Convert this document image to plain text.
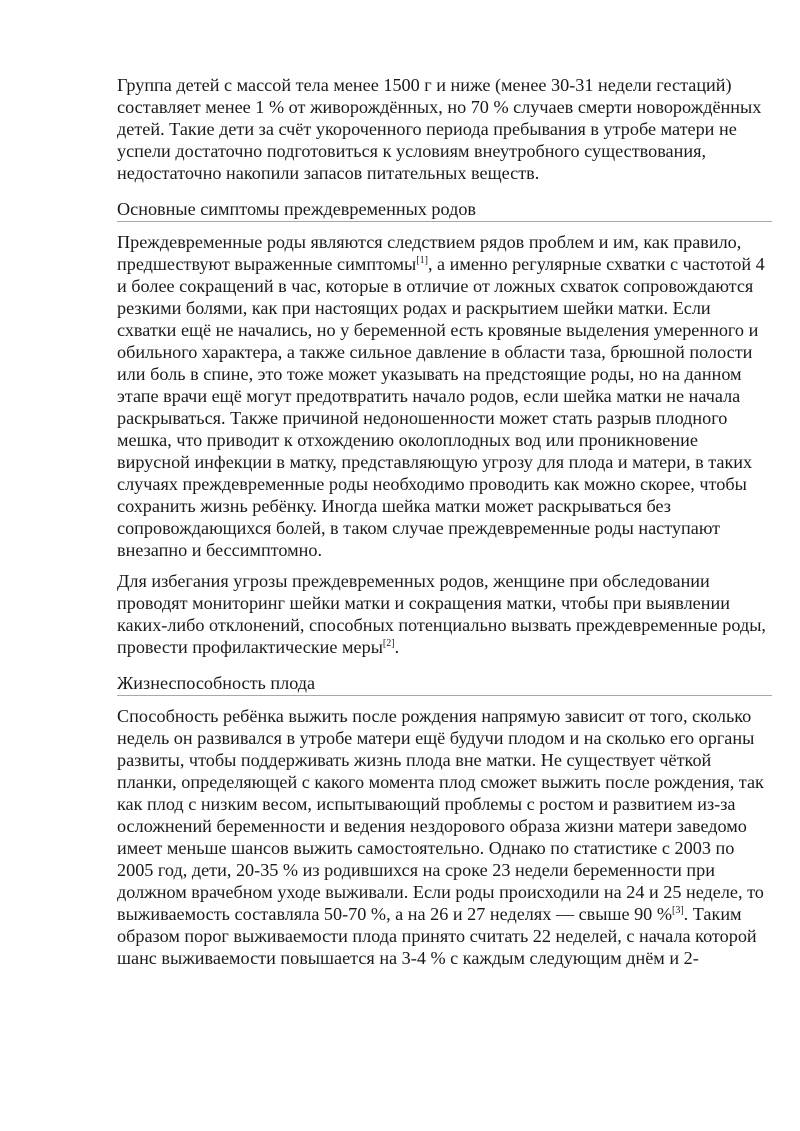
Группа детей с массой тела менее 1500 г и ниже (менее 30-31 недели гестаций) составляет менее 1 % от живорождённых, но 70 % случаев смерти новорождённых детей. Такие дети за счёт укороченного периода пребывания в утробе матери не успели достаточно подготовиться к условиям внеутробного существования, недостаточно накопили запасов питательных веществ.

Основные симптомы преждевременных родов

Преждевременные роды являются следствием рядов проблем и им, как правило, предшествуют выраженные симптомы[1], а именно регулярные схватки с частотой 4 и более сокращений в час, которые в отличие от ложных схваток сопровождаются резкими болями, как при настоящих родах и раскрытием шейки матки. Если схватки ещё не начались, но у беременной есть кровяные выделения умеренного и обильного характера, а также сильное давление в области таза, брюшной полости или боль в спине, это тоже может указывать на предстоящие роды, но на данном этапе врачи ещё могут предотвратить начало родов, если шейка матки не начала раскрываться. Также причиной недоношенности может стать разрыв плодного мешка, что приводит к отхождению околоплодных вод или проникновение вирусной инфекции в матку, представляющую угрозу для плода и матери, в таких случаях преждевременные роды необходимо проводить как можно скорее, чтобы сохранить жизнь ребёнку. Иногда шейка матки может раскрываться без сопровождающихся болей, в таком случае преждевременные роды наступают внезапно и бессимптомно.

Для избегания угрозы преждевременных родов, женщине при обследовании проводят мониторинг шейки матки и сокращения матки, чтобы при выявлении каких-либо отклонений, способных потенциально вызвать преждевременные роды, провести профилактические меры[2].

Жизнеспособность плода

Способность ребёнка выжить после рождения напрямую зависит от того, сколько недель он развивался в утробе матери ещё будучи плодом и на сколько его органы развиты, чтобы поддерживать жизнь плода вне матки. Не существует чёткой планки, определяющей с какого момента плод сможет выжить после рождения, так как плод с низким весом, испытывающий проблемы с ростом и развитием из-за осложнений беременности и ведения нездорового образа жизни матери заведомо имеет меньше шансов выжить самостоятельно. Однако по статистике с 2003 по 2005 год, дети, 20-35 % из родившихся на сроке 23 недели беременности при должном врачебном уходе выживали. Если роды происходили на 24 и 25 неделе, то выживаемость составляла 50-70 %, а на 26 и 27 неделях — свыше 90 %[3]. Таким образом порог выживаемости плода принято считать 22 неделей, с начала которой шанс выживаемости повышается на 3-4 % с каждым следующим днём и 2-
